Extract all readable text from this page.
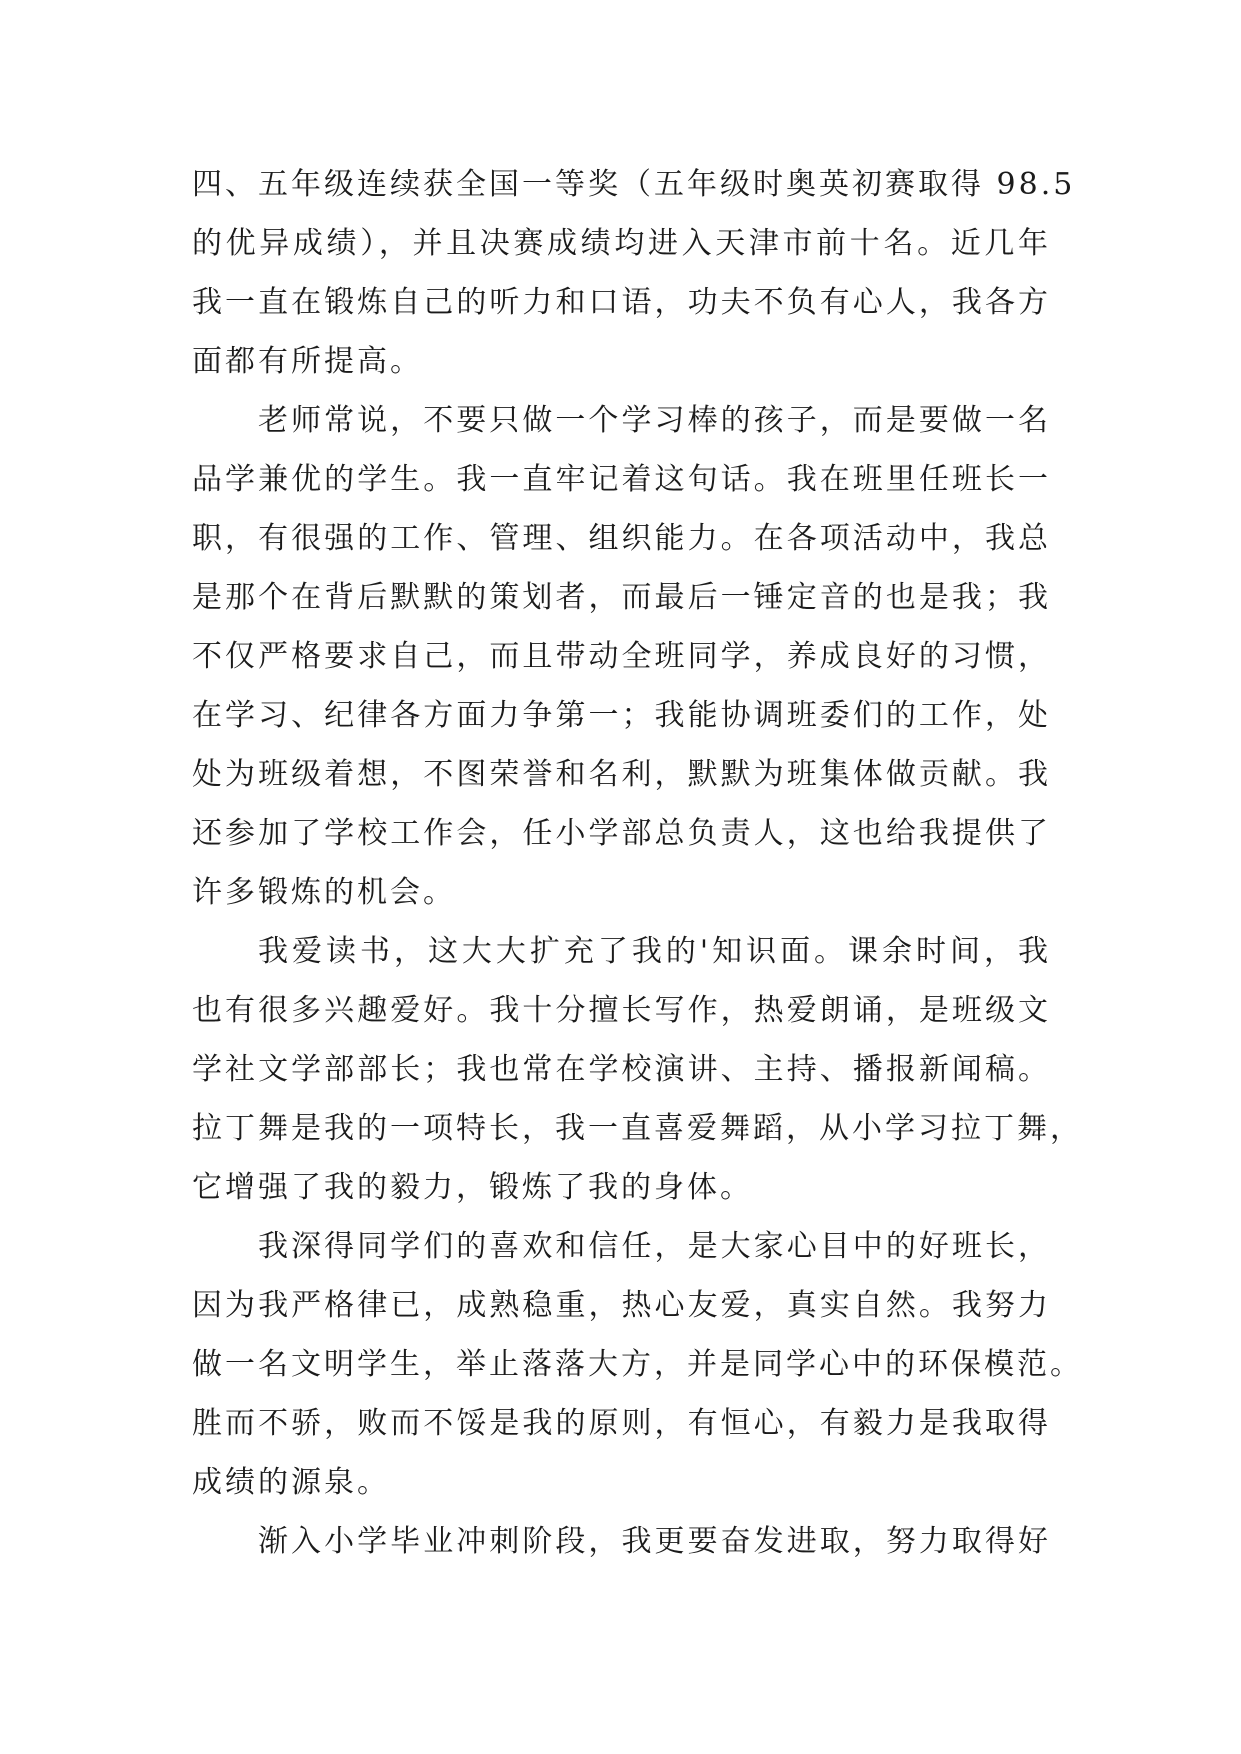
四、五年级连续获全国一等奖（五年级时奥英初赛取得 98.5
的优异成绩），并且决赛成绩均进入天津市前十名。近几年
我一直在锻炼自己的听力和口语，功夫不负有心人，我各方
面都有所提高。
老师常说，不要只做一个学习棒的孩子，而是要做一名
品学兼优的学生。我一直牢记着这句话。我在班里任班长一
职，有很强的工作、管理、组织能力。在各项活动中，我总
是那个在背后默默的策划者，而最后一锤定音的也是我；我
不仅严格要求自己，而且带动全班同学，养成良好的习惯，
在学习、纪律各方面力争第一；我能协调班委们的工作，处
处为班级着想，不图荣誉和名利，默默为班集体做贡献。我
还参加了学校工作会，任小学部总负责人，这也给我提供了
许多锻炼的机会。
我爱读书，这大大扩充了我的'知识面。课余时间，我
也有很多兴趣爱好。我十分擅长写作，热爱朗诵，是班级文
学社文学部部长；我也常在学校演讲、主持、播报新闻稿。
拉丁舞是我的一项特长，我一直喜爱舞蹈，从小学习拉丁舞，
它增强了我的毅力，锻炼了我的身体。
我深得同学们的喜欢和信任，是大家心目中的好班长，
因为我严格律已，成熟稳重，热心友爱，真实自然。我努力
做一名文明学生，举止落落大方，并是同学心中的环保模范。
胜而不骄，败而不馁是我的原则，有恒心，有毅力是我取得
成绩的源泉。
渐入小学毕业冲刺阶段，我更要奋发进取，努力取得好
